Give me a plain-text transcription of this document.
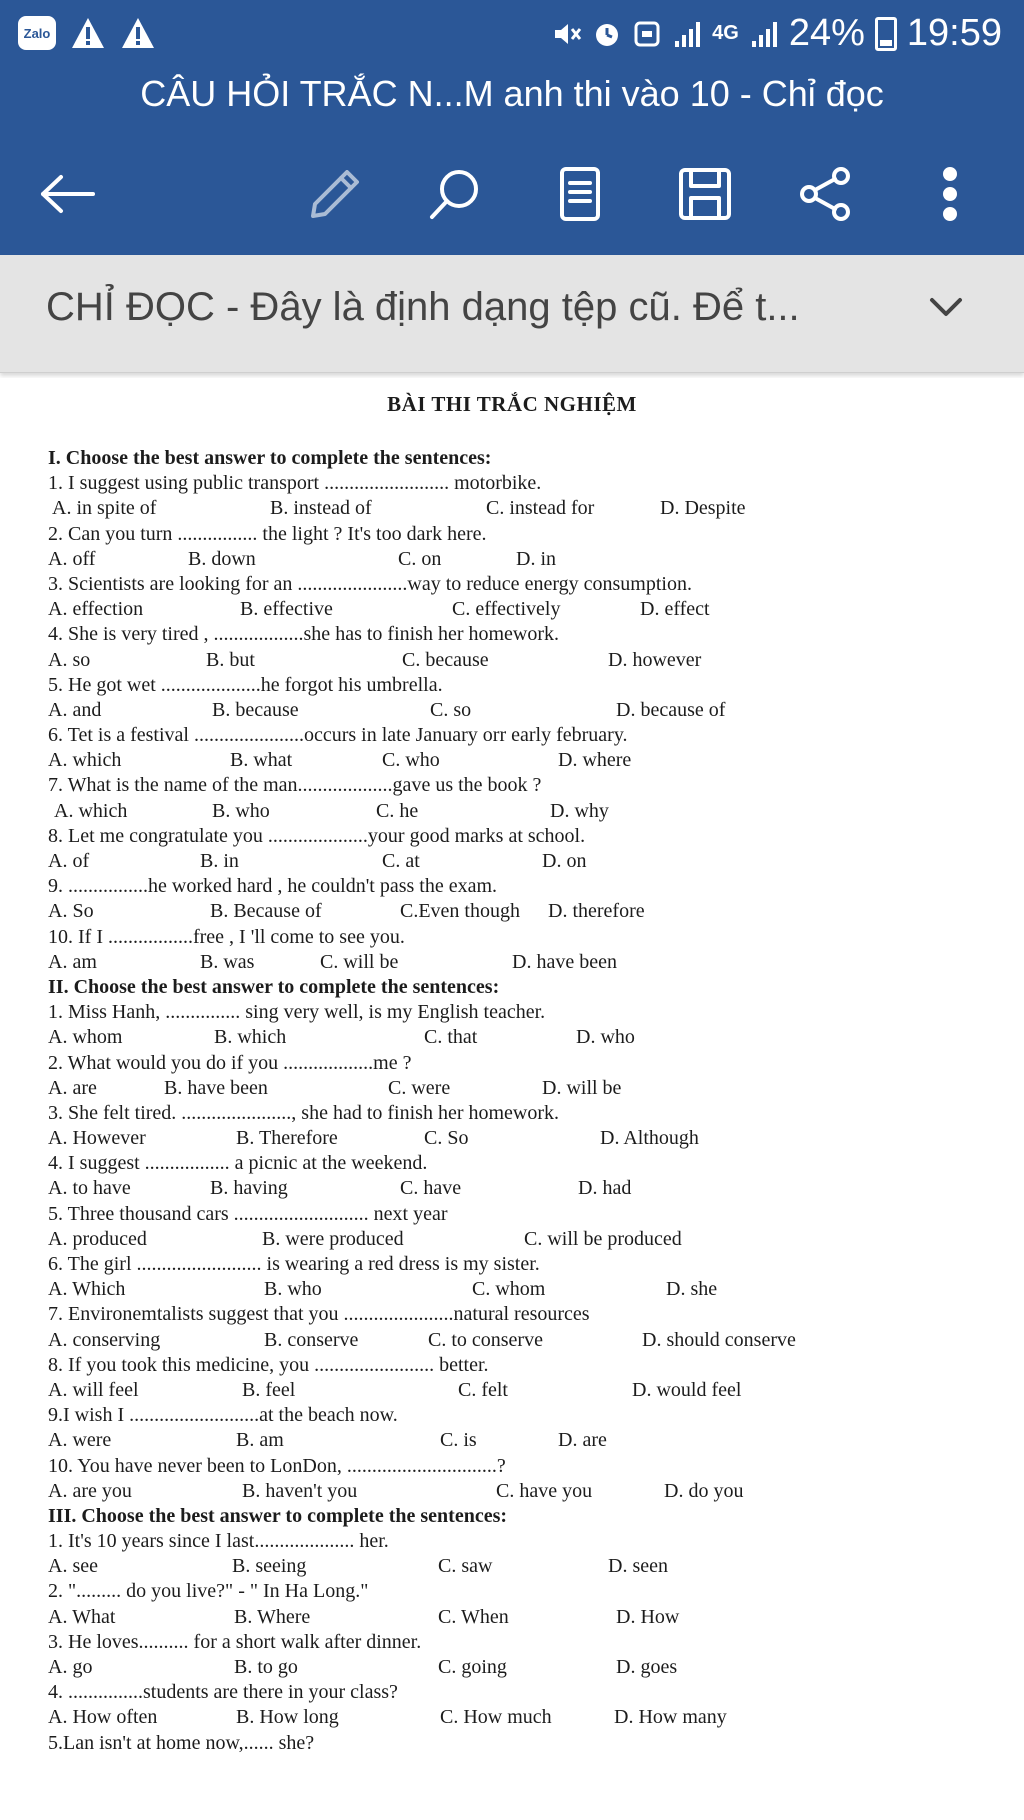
Zalo	4G 24% 19:59
CÂU HỎI TRẮC N...M anh thi vào 10 - Chỉ đọc
CHỈ ĐỌC - Đây là định dạng tệp cũ. Để t...
BÀI THI TRẮC NGHIỆM
I. Choose the best answer to complete the sentences:
1. I suggest using public transport ......................... motorbike.
A. in spite of	B. instead of	C. instead for	D. Despite
2. Can you turn ................ the light ? It's too dark here.
A. off	B. down	C. on	D. in
3. Scientists are looking for an ......................way to reduce energy consumption.
A. effection	B. effective	C. effectively	D. effect
4. She is very tired , ..................she has to finish her homework.
A. so	B. but	C. because	D. however
5. He got wet ....................he forgot his umbrella.
A. and	B. because	C. so	D. because of
6. Tet is a festival ......................occurs in late January orr early february.
A. which	B. what	C. who	D. where
7. What is the name of the man...................gave us the book ?
A. which	B. who	C. he	D. why
8. Let me congratulate you ....................your good marks at school.
A. of	B. in	C. at	D. on
9. ................he worked hard , he couldn't pass the exam.
A. So	B. Because of	C.Even though D. therefore
10. If I .................free , I 'll come to see you.
A. am	B. was	C. will be	D. have been
II. Choose the best answer to complete the sentences:
1. Miss Hanh, ............... sing very well, is my English teacher.
A. whom	B. which	C. that	D. who
2. What would you do if you ..................me ?
A. are	B. have been	C. were	D. will be
3. She felt tired. ......................, she had to finish her homework.
A. However	B. Therefore	C. So	D. Although
4. I suggest ................. a picnic at the weekend.
A. to have	B. having	C. have	D. had
5. Three thousand cars ........................... next year
A. produced	B. were produced	C. will be produced
6. The girl ......................... is wearing a red dress is my sister.
A. Which	B. who	C. whom	D. she
7. Environemtalists suggest that you ......................natural resources
A. conserving	B. conserve	C. to conserve	D. should conserve
8. If you took this medicine, you ........................ better.
A. will feel	B. feel	C. felt	D. would feel
9.I wish I ..........................at the beach now.
A. were	B. am	C. is	D. are
10. You have never been to LonDon, ..............................?
A. are you	B. haven't you	C. have you	D. do you
III. Choose the best answer to complete the sentences:
1. It's 10 years since I last.................... her.
A. see	B. seeing	C. saw	D. seen
2. "......... do you live?" - " In Ha Long."
A. What	B. Where	C. When	D. How
3. He loves.......... for a short walk after dinner.
A. go	B. to go	C. going	D. goes
4. ...............students are there in your class?
A. How often	B. How long	C. How much	D. How many
5.Lan isn't at home now,...... she?
